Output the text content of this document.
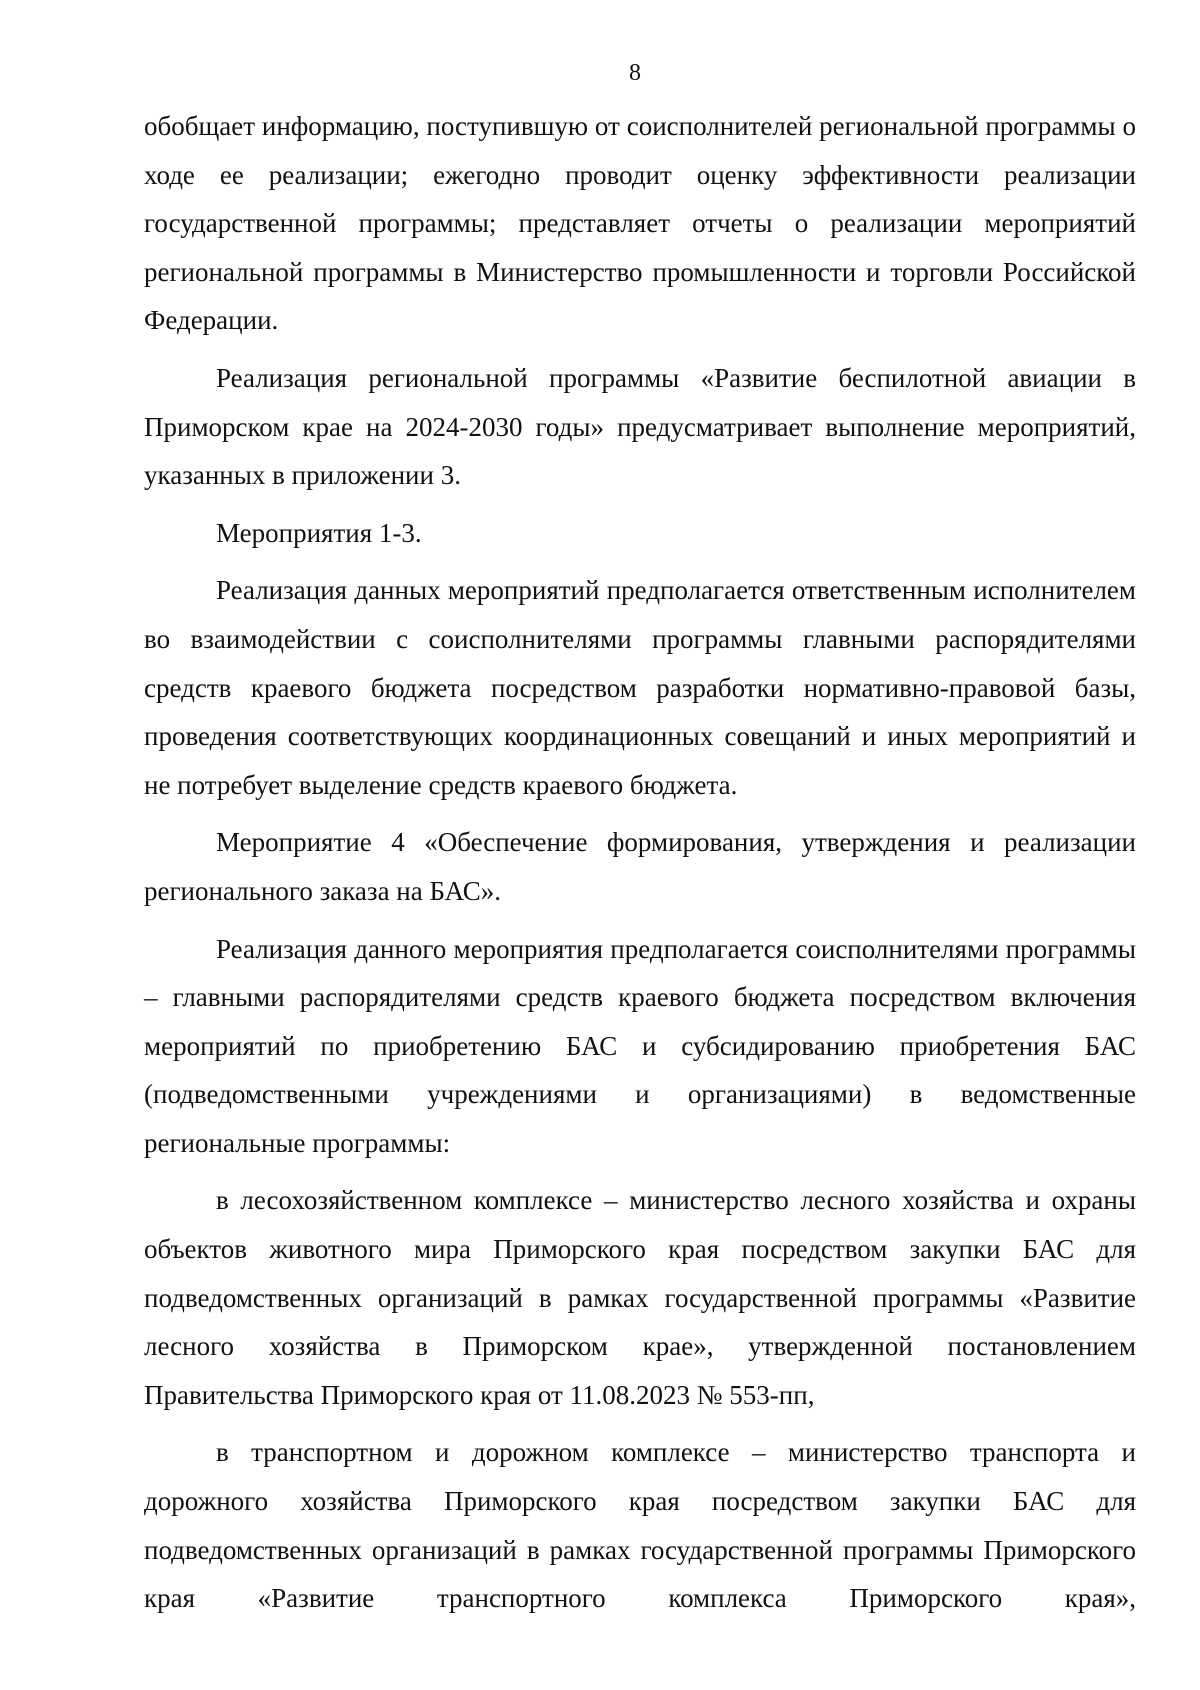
8

обобщает информацию, поступившую от соисполнителей региональной программы о ходе ее реализации; ежегодно проводит оценку эффективности реализации государственной программы; представляет отчеты о реализации мероприятий региональной программы в Министерство промышленности и торговли Российской Федерации.

Реализация региональной программы «Развитие беспилотной авиации в Приморском крае на 2024-2030 годы» предусматривает выполнение мероприятий, указанных в приложении 3.

Мероприятия 1-3.

Реализация данных мероприятий предполагается ответственным исполнителем во взаимодействии с соисполнителями программы главными распорядителями средств краевого бюджета посредством разработки нормативно-правовой базы, проведения соответствующих координационных совещаний и иных мероприятий и не потребует выделение средств краевого бюджета.

Мероприятие 4 «Обеспечение формирования, утверждения и реализации регионального заказа на БАС».

Реализация данного мероприятия предполагается соисполнителями программы – главными распорядителями средств краевого бюджета посредством включения мероприятий по приобретению БАС и субсидированию приобретения БАС (подведомственными учреждениями и организациями) в ведомственные региональные программы:

в лесохозяйственном комплексе – министерство лесного хозяйства и охраны объектов животного мира Приморского края посредством закупки БАС для подведомственных организаций в рамках государственной программы «Развитие лесного хозяйства в Приморском крае», утвержденной постановлением Правительства Приморского края от 11.08.2023 № 553-пп,

в транспортном и дорожном комплексе – министерство транспорта и дорожного хозяйства Приморского края посредством закупки БАС для подведомственных организаций в рамках государственной программы Приморского края «Развитие транспортного комплекса Приморского края»,
